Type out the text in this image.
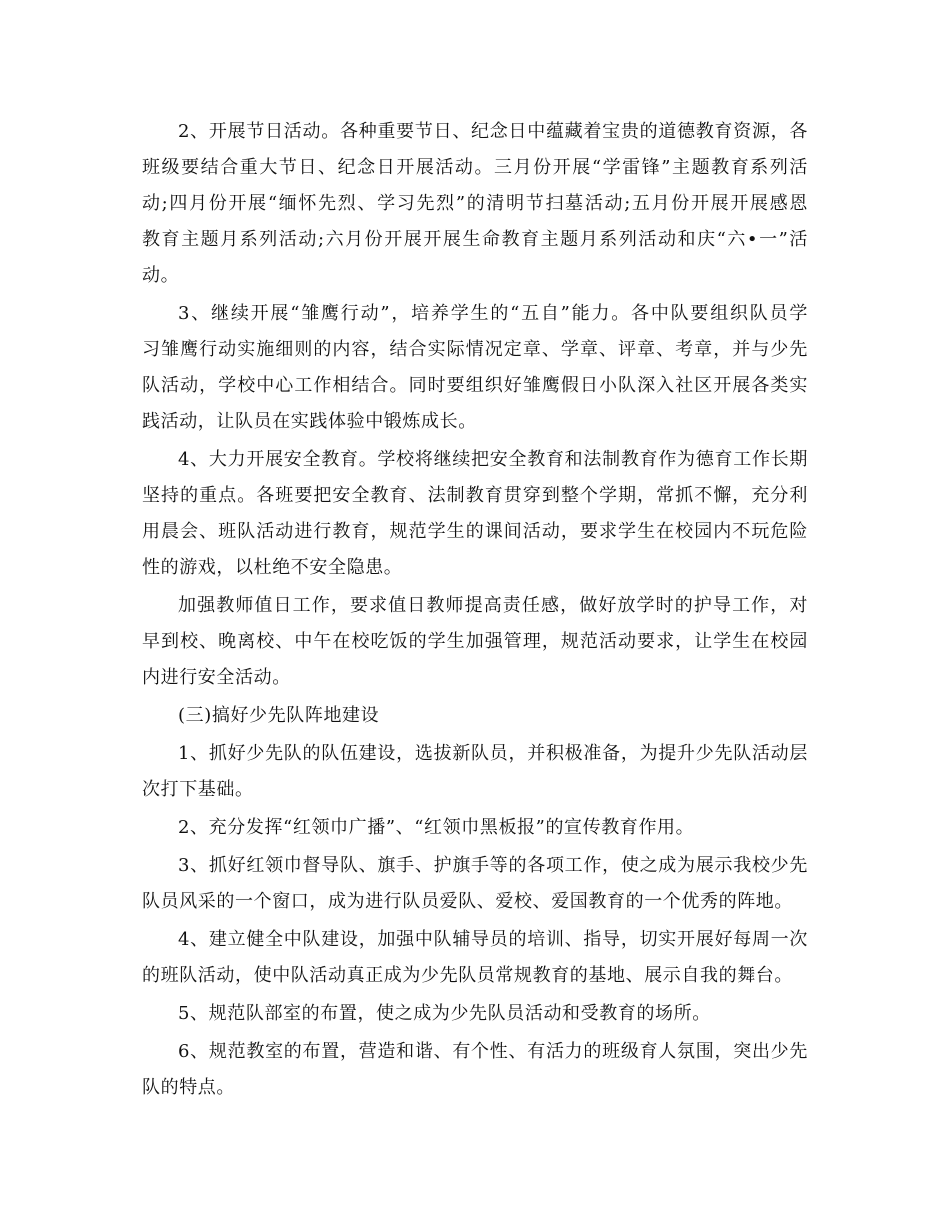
2、开展节日活动。各种重要节日、纪念日中蕴藏着宝贵的道德教育资源，各
班级要结合重大节日、纪念日开展活动。三月份开展“学雷锋”主题教育系列活
动;四月份开展“缅怀先烈、学习先烈”的清明节扫墓活动;五月份开展开展感恩
教育主题月系列活动;六月份开展开展生命教育主题月系列活动和庆“六•一”活
动。
3、继续开展“雏鹰行动”，培养学生的“五自”能力。各中队要组织队员学
习雏鹰行动实施细则的内容，结合实际情况定章、学章、评章、考章，并与少先
队活动，学校中心工作相结合。同时要组织好雏鹰假日小队深入社区开展各类实
践活动，让队员在实践体验中锻炼成长。
4、大力开展安全教育。学校将继续把安全教育和法制教育作为德育工作长期
坚持的重点。各班要把安全教育、法制教育贯穿到整个学期，常抓不懈，充分利
用晨会、班队活动进行教育，规范学生的课间活动，要求学生在校园内不玩危险
性的游戏，以杜绝不安全隐患。
加强教师值日工作，要求值日教师提高责任感，做好放学时的护导工作，对
早到校、晚离校、中午在校吃饭的学生加强管理，规范活动要求，让学生在校园
内进行安全活动。
(三)搞好少先队阵地建设
1、抓好少先队的队伍建设，选拔新队员，并积极准备，为提升少先队活动层
次打下基础。
2、充分发挥“红领巾广播”、“红领巾黑板报”的宣传教育作用。
3、抓好红领巾督导队、旗手、护旗手等的各项工作，使之成为展示我校少先
队员风采的一个窗口，成为进行队员爱队、爱校、爱国教育的一个优秀的阵地。
4、建立健全中队建设，加强中队辅导员的培训、指导，切实开展好每周一次
的班队活动，使中队活动真正成为少先队员常规教育的基地、展示自我的舞台。
5、规范队部室的布置，使之成为少先队员活动和受教育的场所。
6、规范教室的布置，营造和谐、有个性、有活力的班级育人氛围，突出少先
队的特点。
